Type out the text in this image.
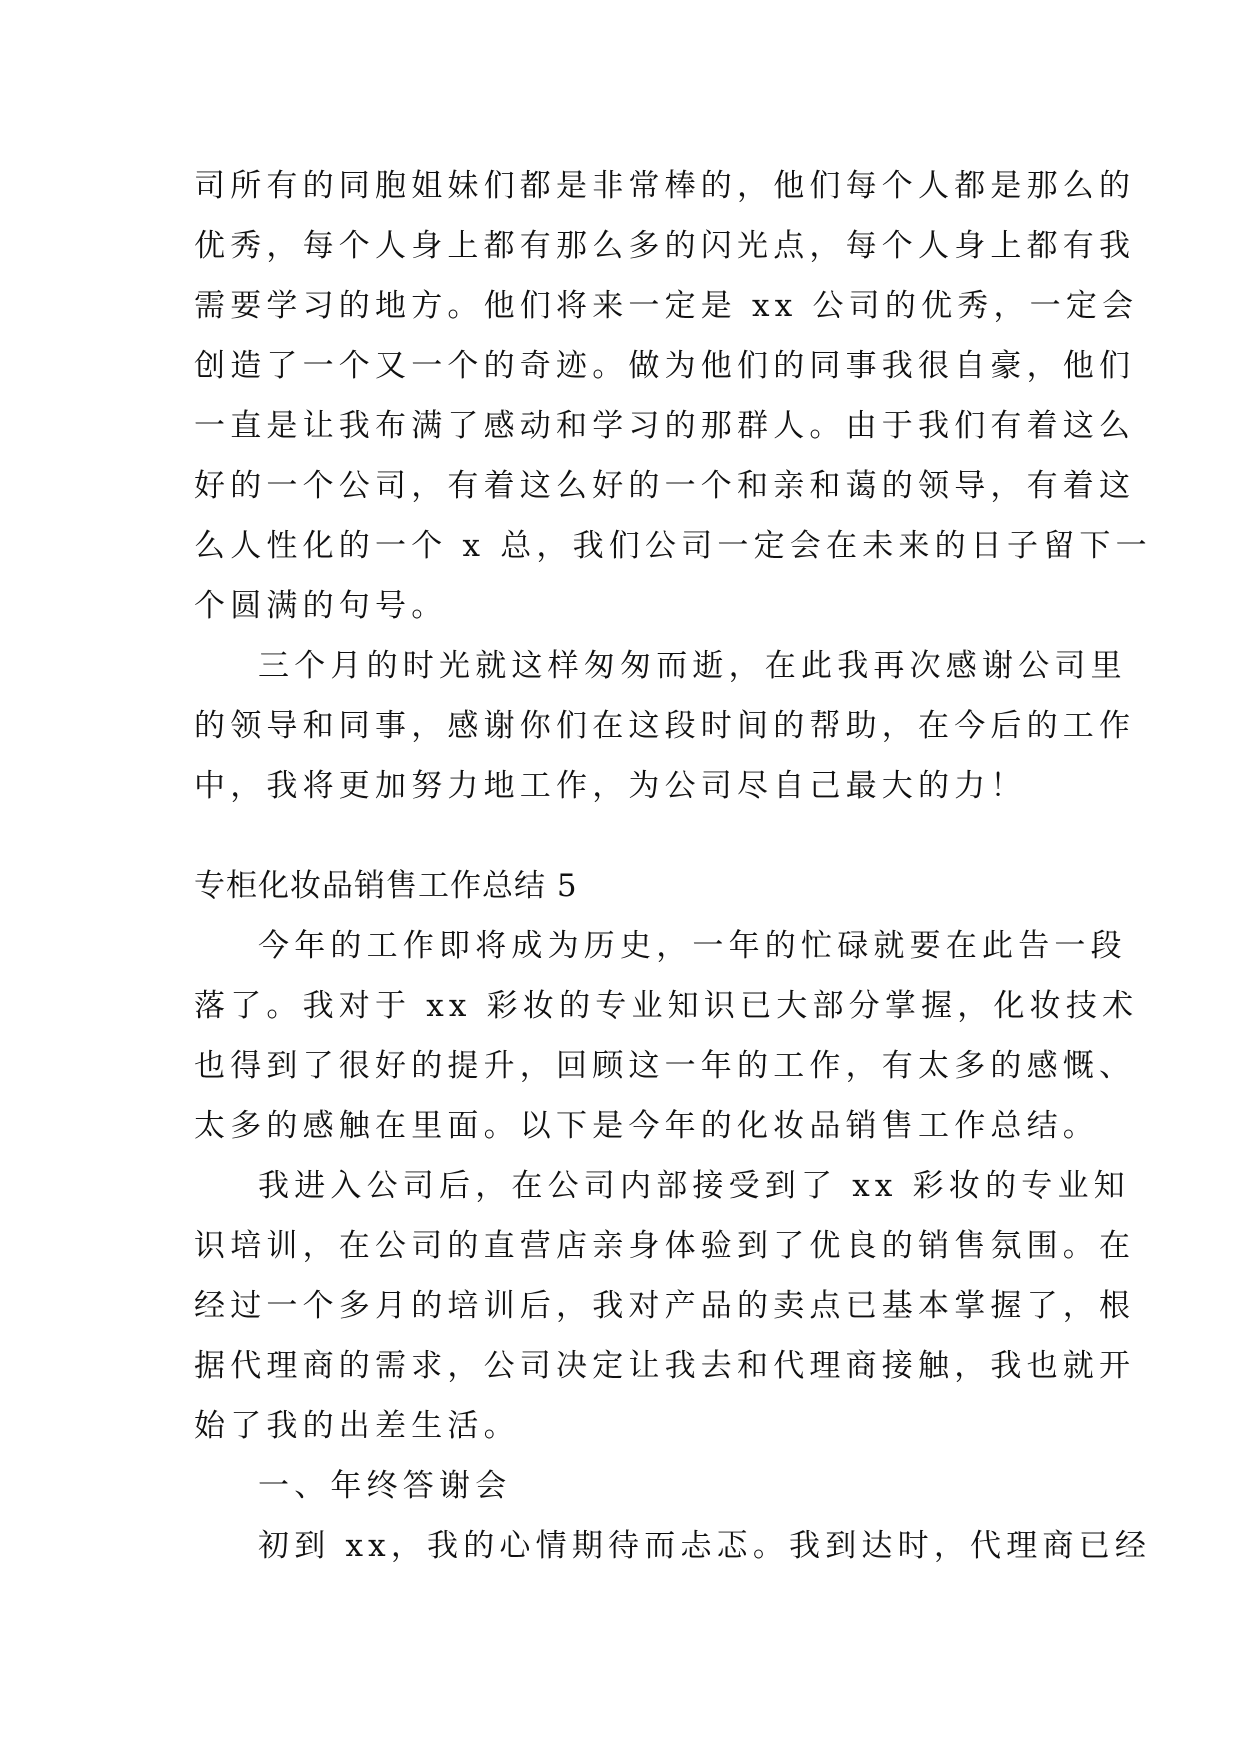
司所有的同胞姐妹们都是非常棒的，他们每个人都是那么的
优秀，每个人身上都有那么多的闪光点，每个人身上都有我
需要学习的地方。他们将来一定是 xx 公司的优秀，一定会
创造了一个又一个的奇迹。做为他们的同事我很自豪，他们
一直是让我布满了感动和学习的那群人。由于我们有着这么
好的一个公司，有着这么好的一个和亲和蔼的领导，有着这
么人性化的一个 x 总，我们公司一定会在未来的日子留下一
个圆满的句号。
三个月的时光就这样匆匆而逝，在此我再次感谢公司里
的领导和同事，感谢你们在这段时间的帮助，在今后的工作
中，我将更加努力地工作，为公司尽自己最大的力！
专柜化妆品销售工作总结 5
今年的工作即将成为历史，一年的忙碌就要在此告一段
落了。我对于 xx 彩妆的专业知识已大部分掌握，化妆技术
也得到了很好的提升，回顾这一年的工作，有太多的感慨、
太多的感触在里面。以下是今年的化妆品销售工作总结。
我进入公司后，在公司内部接受到了 xx 彩妆的专业知
识培训，在公司的直营店亲身体验到了优良的销售氛围。在
经过一个多月的培训后，我对产品的卖点已基本掌握了，根
据代理商的需求，公司决定让我去和代理商接触，我也就开
始了我的出差生活。
一、年终答谢会
初到 xx，我的心情期待而忐忑。我到达时，代理商已经
